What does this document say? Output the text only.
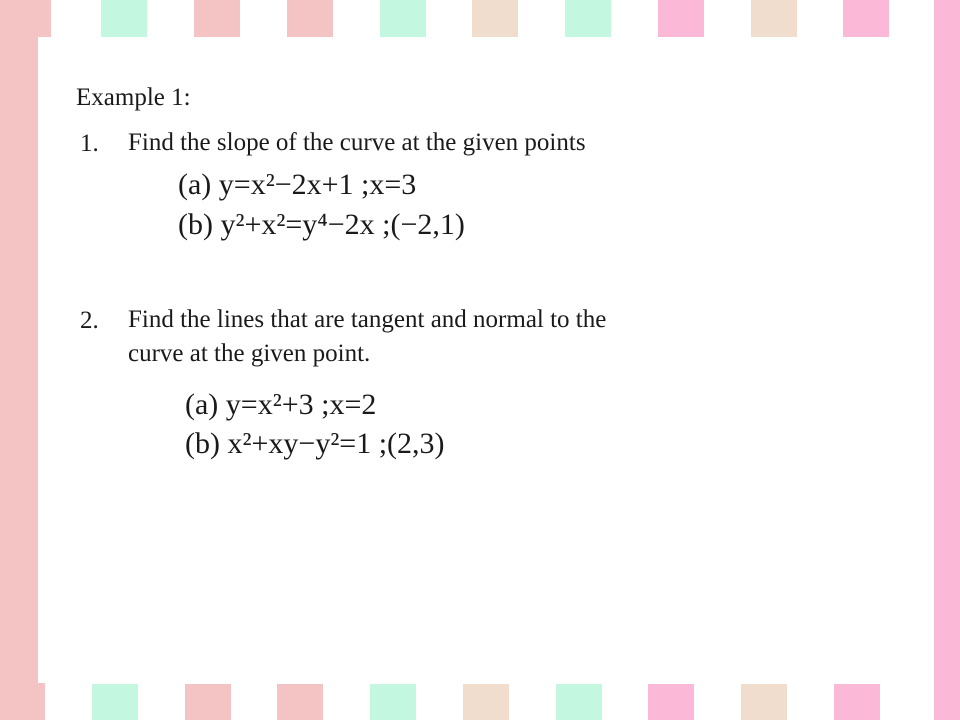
Example 1:
1. Find the slope of the curve at the given points
(a) y=x²−2x+1 ;x=3
(b) y²+x²=y⁴−2x ;(−2,1)
2. Find the lines that are tangent and normal to the
curve at the given point.
(a) y=x²+3 ;x=2
(b) x²+xy−y²=1 ;(2,3)
